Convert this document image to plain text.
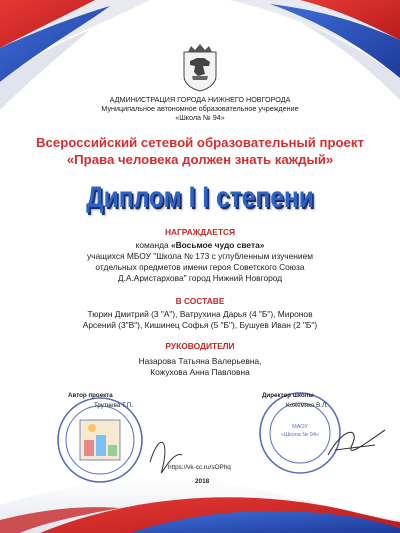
МАОУ
«Школа № 94»
АДМИНИСТРАЦИЯ ГОРОДА НИЖНЕГО НОВГОРОДА
Муниципальное автономное образовательное учреждение
«Школа № 94»
Всероссийский сетевой образовательный проект
«Права человека должен знать каждый»
Диплом I I степени
НАГРАЖДАЕТСЯ
команда «Восьмое чудо света»
учащихся МБОУ "Школа № 173 с углубленным изучением
отдельных предметов имени героя Советского Союза
Д.А.Аристархова" город Нижний Новгород
В СОСТАВЕ
Тюрин Дмитрий (3 "А"), Ватрухина Дарья (4 "Б"), Миронов
Арсений (3"В"), Кишинец Софья (5 "Б"), Бушуев Иван (2 "Б")
РУКОВОДИТЕЛИ
Назарова Татьяна Валерьевна,
Кожухова Анна Павловна
Автор проекта
Трутнева Т.П.
Директор школы
Кожемяко В.Л.
https://vk-cc.ru/sOPhq
2018
